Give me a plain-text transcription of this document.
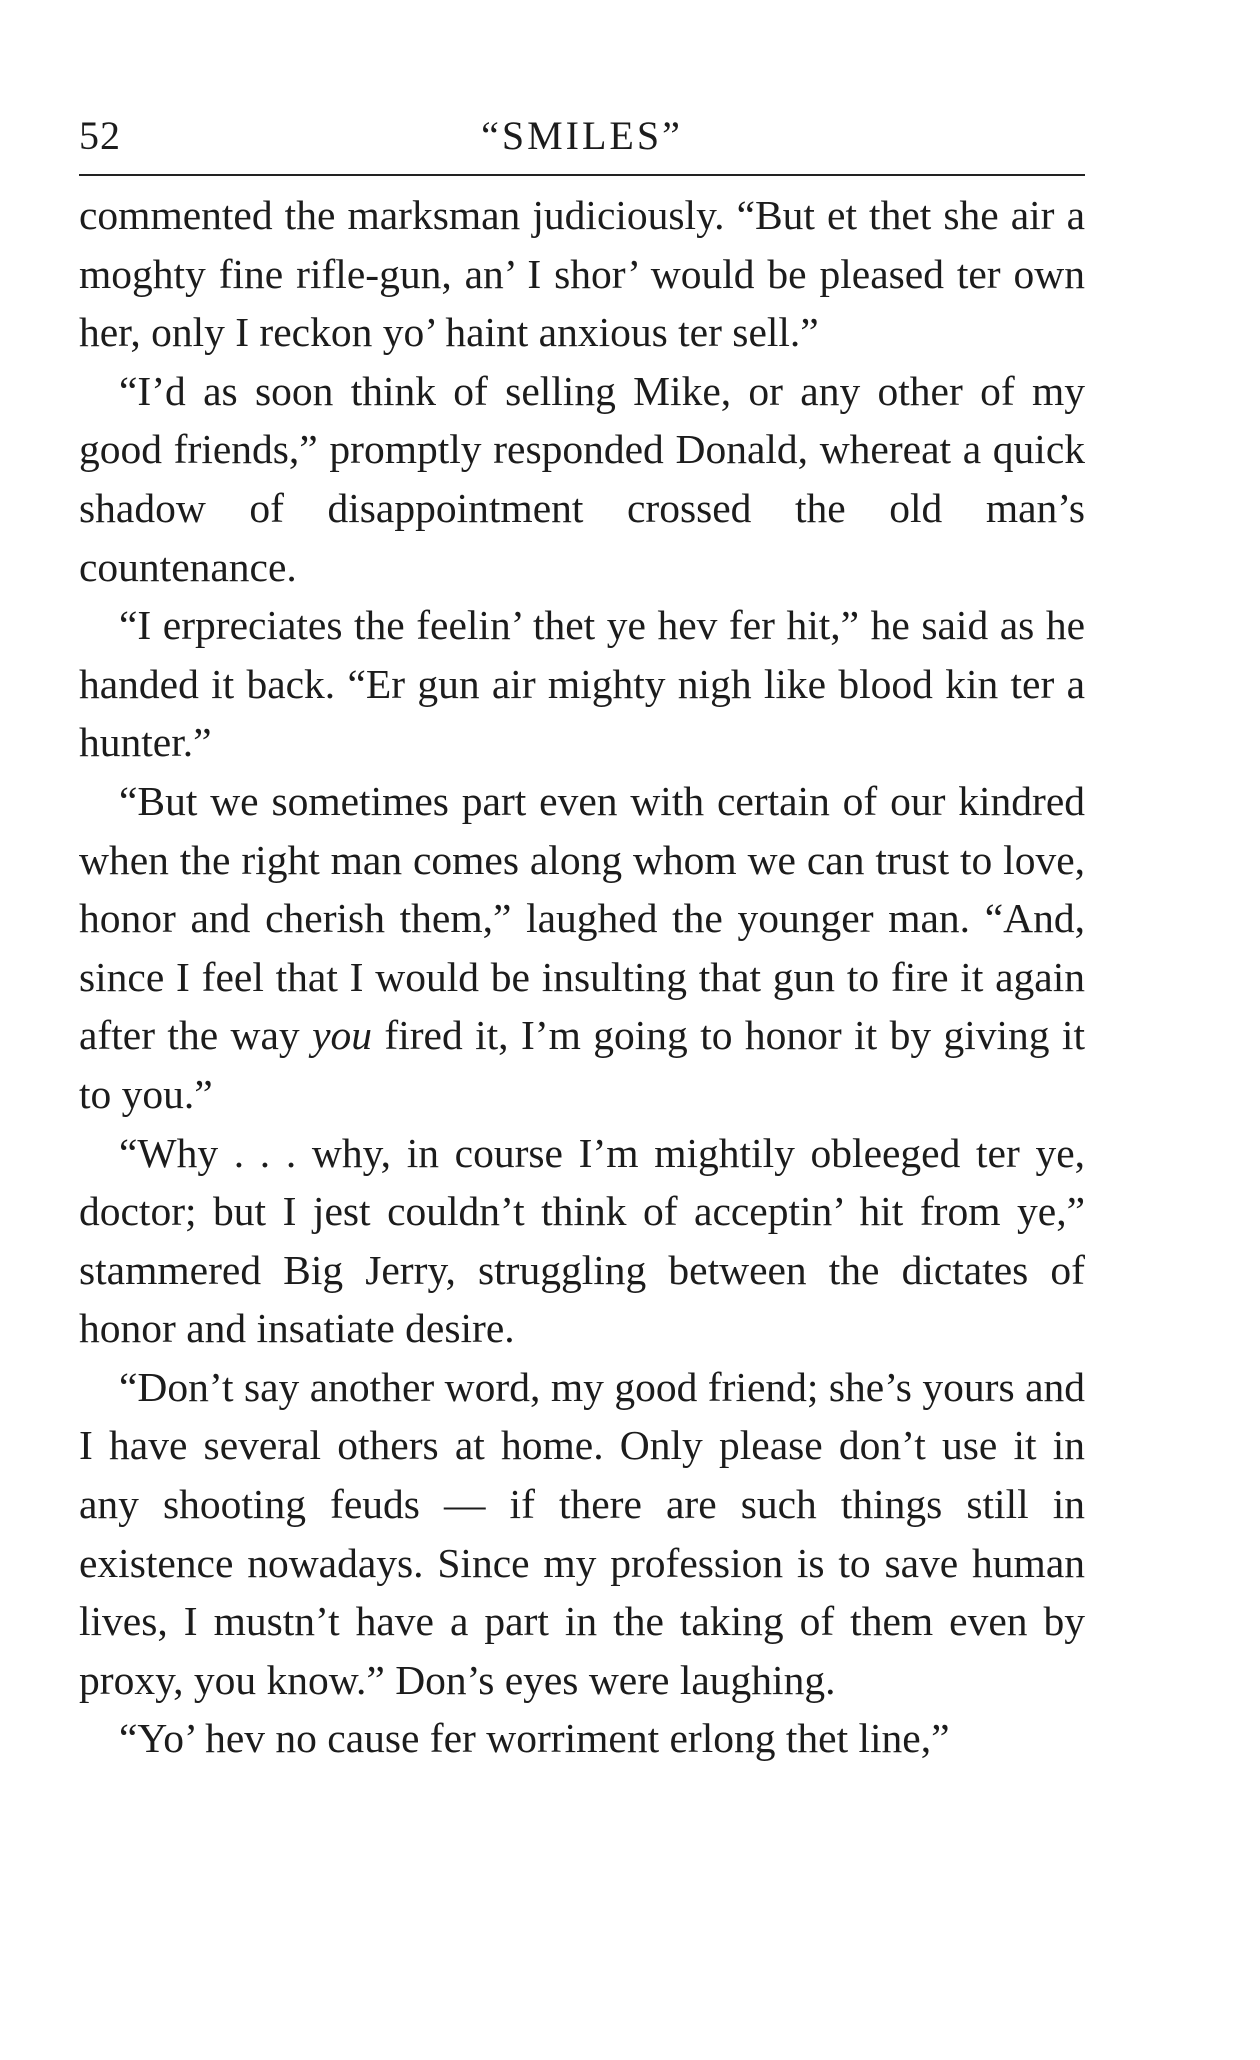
52	“SMILES”

commented the marksman judiciously. “But et thet she air a moghty fine rifle-gun, an’ I shor’ would be pleased ter own her, only I reckon yo’ haint anxious ter sell.”

“I’d as soon think of selling Mike, or any other of my good friends,” promptly responded Donald, whereat a quick shadow of disappointment crossed the old man’s countenance.

“I erpreciates the feelin’ thet ye hev fer hit,” he said as he handed it back. “Er gun air mighty nigh like blood kin ter a hunter.”

“But we sometimes part even with certain of our kindred when the right man comes along whom we can trust to love, honor and cherish them,” laughed the younger man. “And, since I feel that I would be insulting that gun to fire it again after the way you fired it, I’m going to honor it by giving it to you.”

“Why . . . why, in course I’m mightily obleeged ter ye, doctor; but I jest couldn’t think of acceptin’ hit from ye,” stammered Big Jerry, struggling between the dictates of honor and insatiate desire.

“Don’t say another word, my good friend; she’s yours and I have several others at home. Only please don’t use it in any shooting feuds — if there are such things still in existence nowadays. Since my profession is to save human lives, I mustn’t have a part in the taking of them even by proxy, you know.” Don’s eyes were laughing.

“Yo’ hev no cause fer worriment erlong thet line,”
